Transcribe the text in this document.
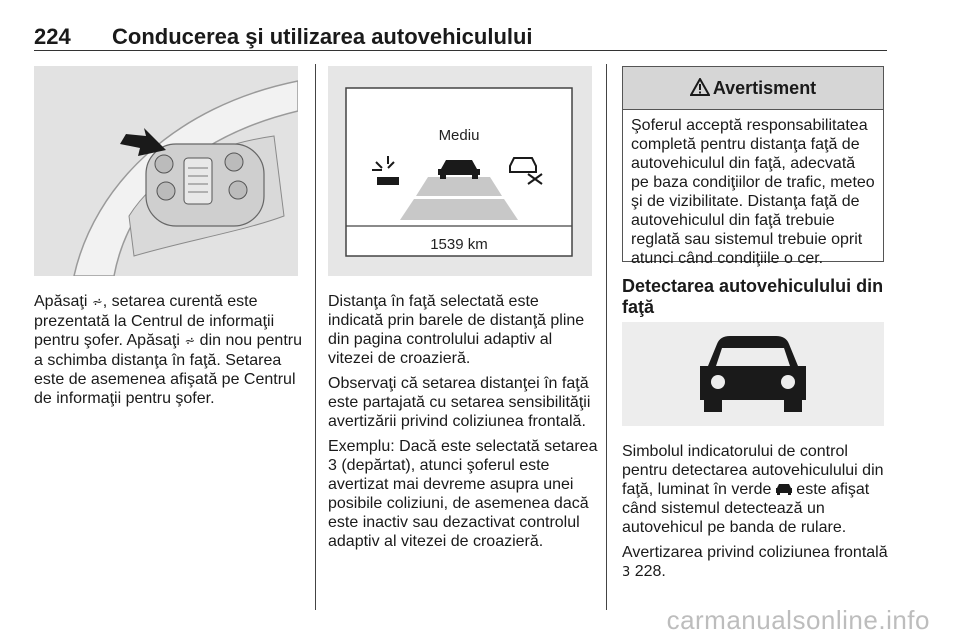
224 Conducerea şi utilizarea autovehiculului
Apăsaţi ⩫, setarea curentă este prezentată la Centrul de informaţii pentru şofer. Apăsaţi ⩫ din nou pentru a schimba distanţa în faţă. Setarea este de asemenea afişată pe Centrul de informaţii pentru şofer.
Mediu
1539 km

Distanţa în faţă selectată este indicată prin barele de distanţă pline din pagina controlului adaptiv al vitezei de croazieră.

Observaţi că setarea distanţei în faţă este partajată cu setarea sensibilităţii avertizării privind coliziunea frontală.

Exemplu: Dacă este selectată setarea 3 (depărtat), atunci şoferul este avertizat mai devreme asupra unei posibile coliziuni, de asemenea dacă este inactiv sau dezactivat controlul adaptiv al vitezei de croazieră.

Avertisment
Şoferul acceptă responsabilitatea completă pentru distanţa faţă de autovehiculul din faţă, adecvată pe baza condiţiilor de trafic, meteo şi de vizibilitate. Distanţa faţă de autovehiculul din faţă trebuie reglată sau sistemul trebuie oprit atunci când condiţiile o cer.
Detectarea autovehiculului din faţă

Simbolul indicatorului de control pentru detectarea autovehiculului din faţă, luminat în verde  este afişat când sistemul detectează un autovehicul pe banda de rulare.

Avertizarea privind coliziunea frontală 3 228.

carmanualsonline.info
